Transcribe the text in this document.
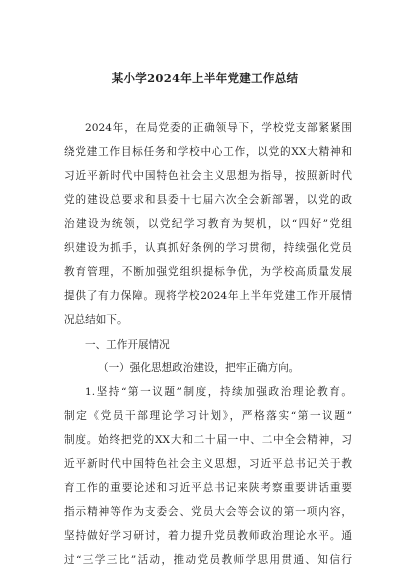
某小学2024年上半年党建工作总结
2024年，在局党委的正确领导下，学校党支部紧紧围
绕党建工作目标任务和学校中心工作，以党的XX大精神和
习近平新时代中国特色社会主义思想为指导，按照新时代
党的建设总要求和县委十七届六次全会新部署，以党的政
治建设为统领，以党纪学习教育为契机，以“四好”党组
织建设为抓手，认真抓好条例的学习贯彻，持续强化党员
教育管理，不断加强党组织提标争优，为学校高质量发展
提供了有力保障。现将学校2024年上半年党建工作开展情
况总结如下。
一、工作开展情况
（一）强化思想政治建设，把牢正确方向。
1.坚持“第一议题”制度，持续加强政治理论教育。
制定《党员干部理论学习计划》，严格落实“第一议题”
制度。始终把党的XX大和二十届一中、二中全会精神，习
近平新时代中国特色社会主义思想，习近平总书记关于教
育工作的重要论述和习近平总书记来陕考察重要讲话重要
指示精神等作为支委会、党员大会等会议的第一项内容，
坚持做好学习研讨，着力提升党员教师政治理论水平。通
过“三学三比”活动，推动党员教师学思用贯通、知信行
